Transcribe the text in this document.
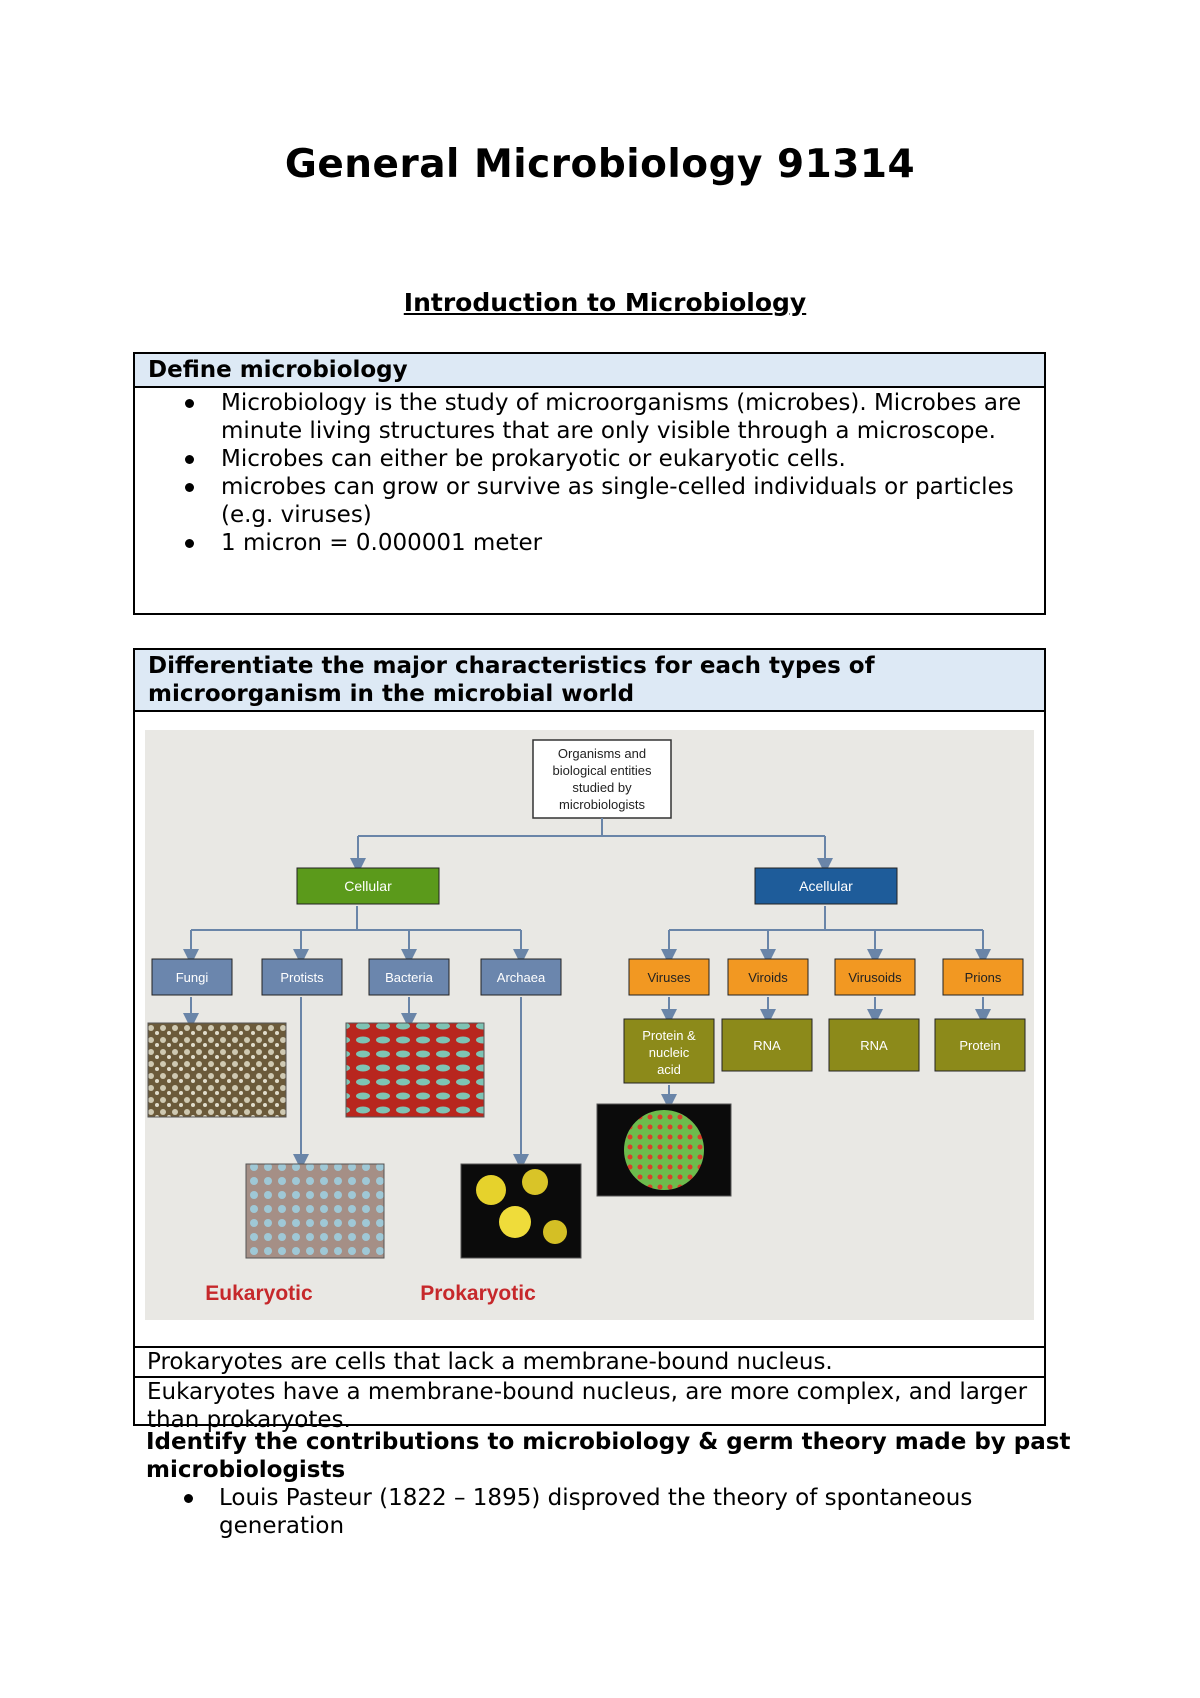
General Microbiology 91314
Introduction to Microbiology
Define microbiology
Microbiology is the study of microorganisms (microbes). Microbes are minute living structures that are only visible through a microscope.
Microbes can either be prokaryotic or eukaryotic cells.
microbes can grow or survive as single-celled individuals or particles (e.g. viruses)
1 micron = 0.000001 meter
Differentiate the major characteristics for each types of microorganism in the microbial world
Organisms and
biological entities
studied by
microbiologists
Cellular	Acellular
Fungi	Protists	Bacteria	Archaea	Viruses	Viroids	Virusoids	Prions
Protein &
nucleic
acid
RNA	RNA	Protein
Eukaryotic	Prokaryotic
Prokaryotes are cells that lack a membrane-bound nucleus.
Eukaryotes have a membrane-bound nucleus, are more complex, and larger than prokaryotes.
Identify the contributions to microbiology & germ theory made by past microbiologists
Louis Pasteur (1822 – 1895) disproved the theory of spontaneous generation
